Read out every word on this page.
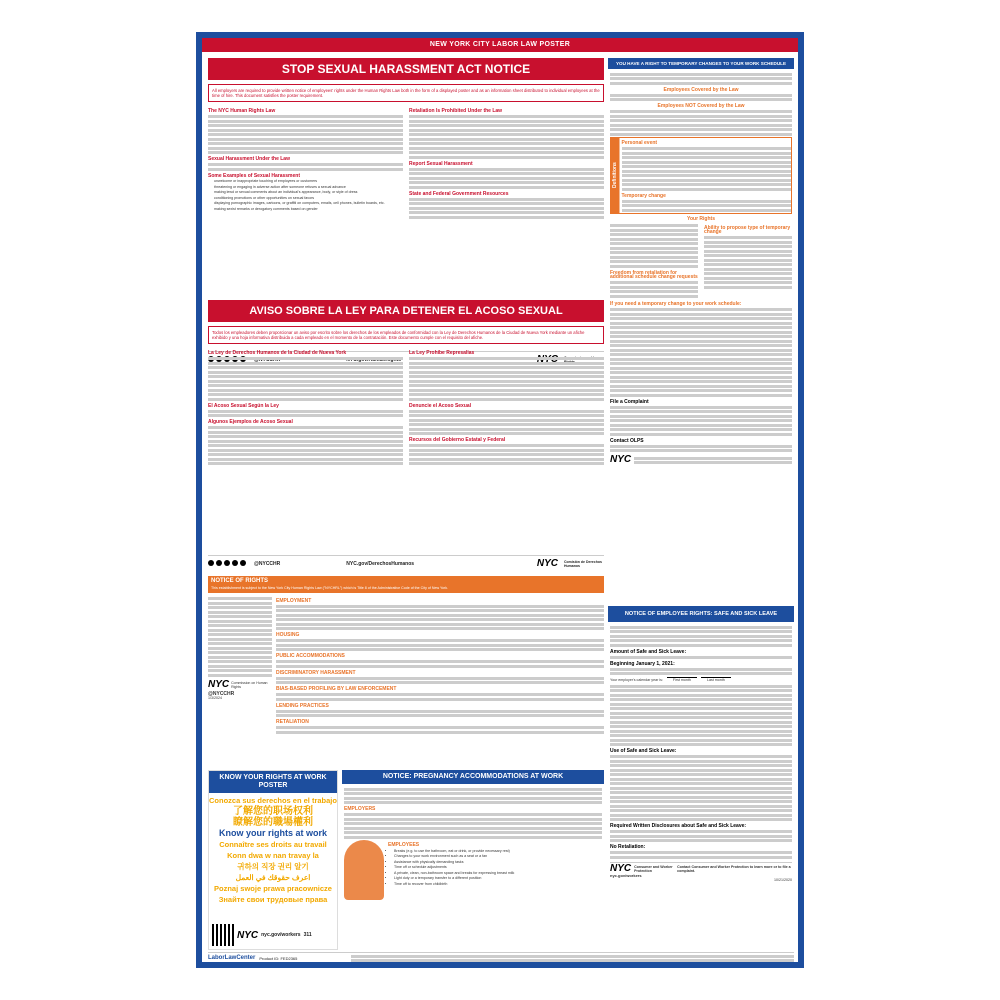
NEW YORK CITY LABOR LAW POSTER
STOP SEXUAL HARASSMENT ACT NOTICE
All employers are required to provide written notice of employees' rights under the Human Rights Law both in the form of a displayed poster and as an information sheet distributed to individual employees at the time of hire. This document satisfies the poster requirement.
The NYC Human Rights Law
Sexual Harassment Under the Law
Some Examples of Sexual Harassment
• unwelcome or inappropriate touching of employees or customers
• threatening or engaging in adverse action after someone refuses a sexual advance
• making lewd or sexual comments about an individual's appearance, body, or style of dress
• conditioning promotions or other opportunities on sexual favors
• displaying pornographic images, cartoons, or graffiti on computers, emails, cell phones, bulletin boards, etc.
• making sexist remarks or derogatory comments based on gender
Retaliation Is Prohibited Under the Law
Report Sexual Harassment
State and Federal Government Resources
AVISO SOBRE LA LEY PARA DETENER EL ACOSO SEXUAL
Todos los empleadores deben proporcionar un aviso por escrito sobre los derechos de los empleados de conformidad con la Ley de Derechos Humanos de la Ciudad de Nueva York mediante un afiche exhibido y una hoja informativa distribuida a cada empleado en el momento de la contratación. Este documento cumple con el requisito del afiche.
La Ley de Derechos Humanos de la Ciudad de Nueva York
El Acoso Sexual Según la Ley
Algunos Ejemplos de Acoso Sexual
La Ley Prohibe Represalias
Denuncie el Acoso Sexual
Recursos del Gobierno Estatal y Federal
@NYCCHR	NYC.gov/DerechosHumanos	NYC Comisión de Derechos Humanos
NOTICE OF RIGHTS
This establishment is subject to the New York City Human Rights Law ("NYCHRL") which is Title 8 of the Administrative Code of the City of New York.
NYC Commission on Human Rights
@NYCCHR
1/3/2024
EMPLOYMENT
HOUSING
PUBLIC ACCOMMODATIONS
DISCRIMINATORY HARASSMENT
BIAS-BASED PROFILING BY LAW ENFORCEMENT
LENDING PRACTICES
RETALIATION
KNOW YOUR RIGHTS AT WORK POSTER
Conozca sus derechos en el trabajo
了解您的职场权利
瞭解您的職場權利
Know your rights at work
Connaître ses droits au travail
Konn dwa w nan travay la
귀하의 직장 권리 알기
اعرف حقوقك في العمل
Poznaj swoje prawa pracownicze
Знайте свои трудовые права
NYC nyc.gov/workers 311
NOTICE: PREGNANCY ACCOMMODATIONS AT WORK
EMPLOYERS
EMPLOYEES
• Breaks (e.g. to use the bathroom, eat or drink, or provide necessary rest)
• Changes to your work environment such as a seat or a fan
• Assistance with physically demanding tasks
• Time off or schedule adjustments
• A private, clean, non-bathroom space and breaks for expressing breast milk
• Light duty or a temporary transfer to a different position
• Time off to recover from childbirth
YOU HAVE A RIGHT TO TEMPORARY CHANGES TO YOUR WORK SCHEDULE
Employees Covered by the Law
Employees NOT Covered by the Law
Definitions
Personal event
Temporary change
Your Rights
Freedom from retaliation for additional schedule change requests
Ability to propose type of temporary change
If you need a temporary change to your work schedule:
File a Complaint
Contact OLPS
NYC
NOTICE OF EMPLOYEE RIGHTS: SAFE AND SICK LEAVE
Amount of Safe and Sick Leave:
Beginning January 1, 2021:
Your employer's calendar year is:	First month	Last month
Use of Safe and Sick Leave:
Required Written Disclosures about Safe and Sick Leave:
No Retaliation:
NYC Consumer and Worker Protection
Contact Consumer and Worker Protection to learn more or to file a complaint.
nyc.gov/workers
10/21/2020
LaborLawCenter Product ID: FED2365
